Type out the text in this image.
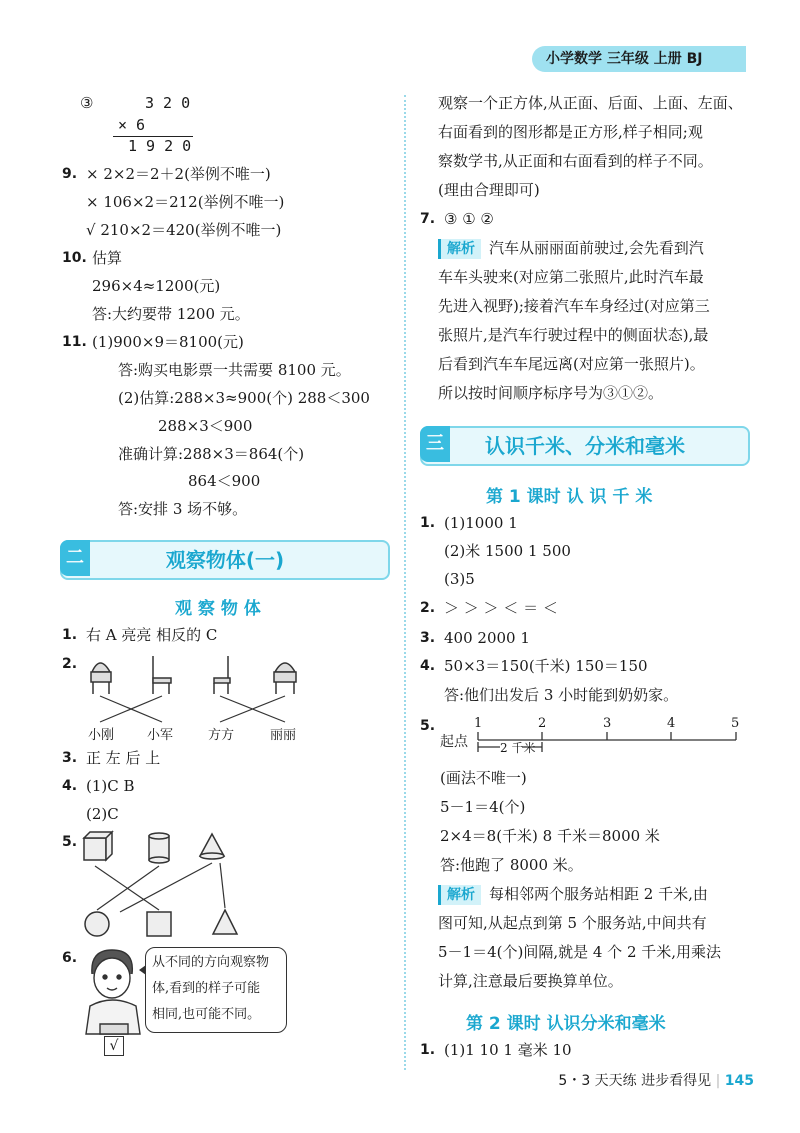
小学数学 三年级 上册 BJ
③	3 2 0
× 6
1 9 2 0
9. × 2×2＝2＋2(举例不唯一)
× 106×2＝212(举例不唯一)
√ 210×2＝420(举例不唯一)
10. 估算
296×4≈1200(元)
答:大约要带 1200 元。
11. (1)900×9＝8100(元)
答:购买电影票一共需要 8100 元。
(2)估算:288×3≈900(个) 288＜300
288×3＜900
准确计算:288×3＝864(个)
864＜900
答:安排 3 场不够。
二	观察物体(一)
观 察 物 体
1. 右 A 亮亮 相反的 C
2.
小刚	小军	方方	丽丽
3. 正 左 后 上
4. (1)C B
(2)C
5.
6.	从不同的方向观察物
体,看到的样子可能
相同,也可能不同。
√
观察一个正方体,从正面、后面、上面、左面、
右面看到的图形都是正方形,样子相同;观
察数学书,从正面和右面看到的样子不同。
(理由合理即可)
7. ③ ① ②
解析 汽车从丽丽面前驶过,会先看到汽
车车头驶来(对应第二张照片,此时汽车最
先进入视野);接着汽车车身经过(对应第三
张照片,是汽车行驶过程中的侧面状态),最
后看到汽车车尾远离(对应第一张照片)。
所以按时间顺序标序号为③①②。
三	认识千米、分米和毫米
第 1 课时 认 识 千 米
1. (1)1000 1
(2)米 1500 1 500
(3)5
2. ＞ ＞ ＞ ＜ ＝ ＜
3. 400 2000 1
4. 50×3＝150(千米) 150＝150
答:他们出发后 3 小时能到奶奶家。
5.
起点
1	2	3	4	5
2 千米
(画法不唯一)
5－1＝4(个)
2×4＝8(千米) 8 千米＝8000 米
答:他跑了 8000 米。
解析 每相邻两个服务站相距 2 千米,由
图可知,从起点到第 5 个服务站,中间共有
5－1＝4(个)间隔,就是 4 个 2 千米,用乘法
计算,注意最后要换算单位。
第 2 课时 认识分米和毫米
1. (1)1 10 1 毫米 10
5・3 天天练 进步看得见 | 145
